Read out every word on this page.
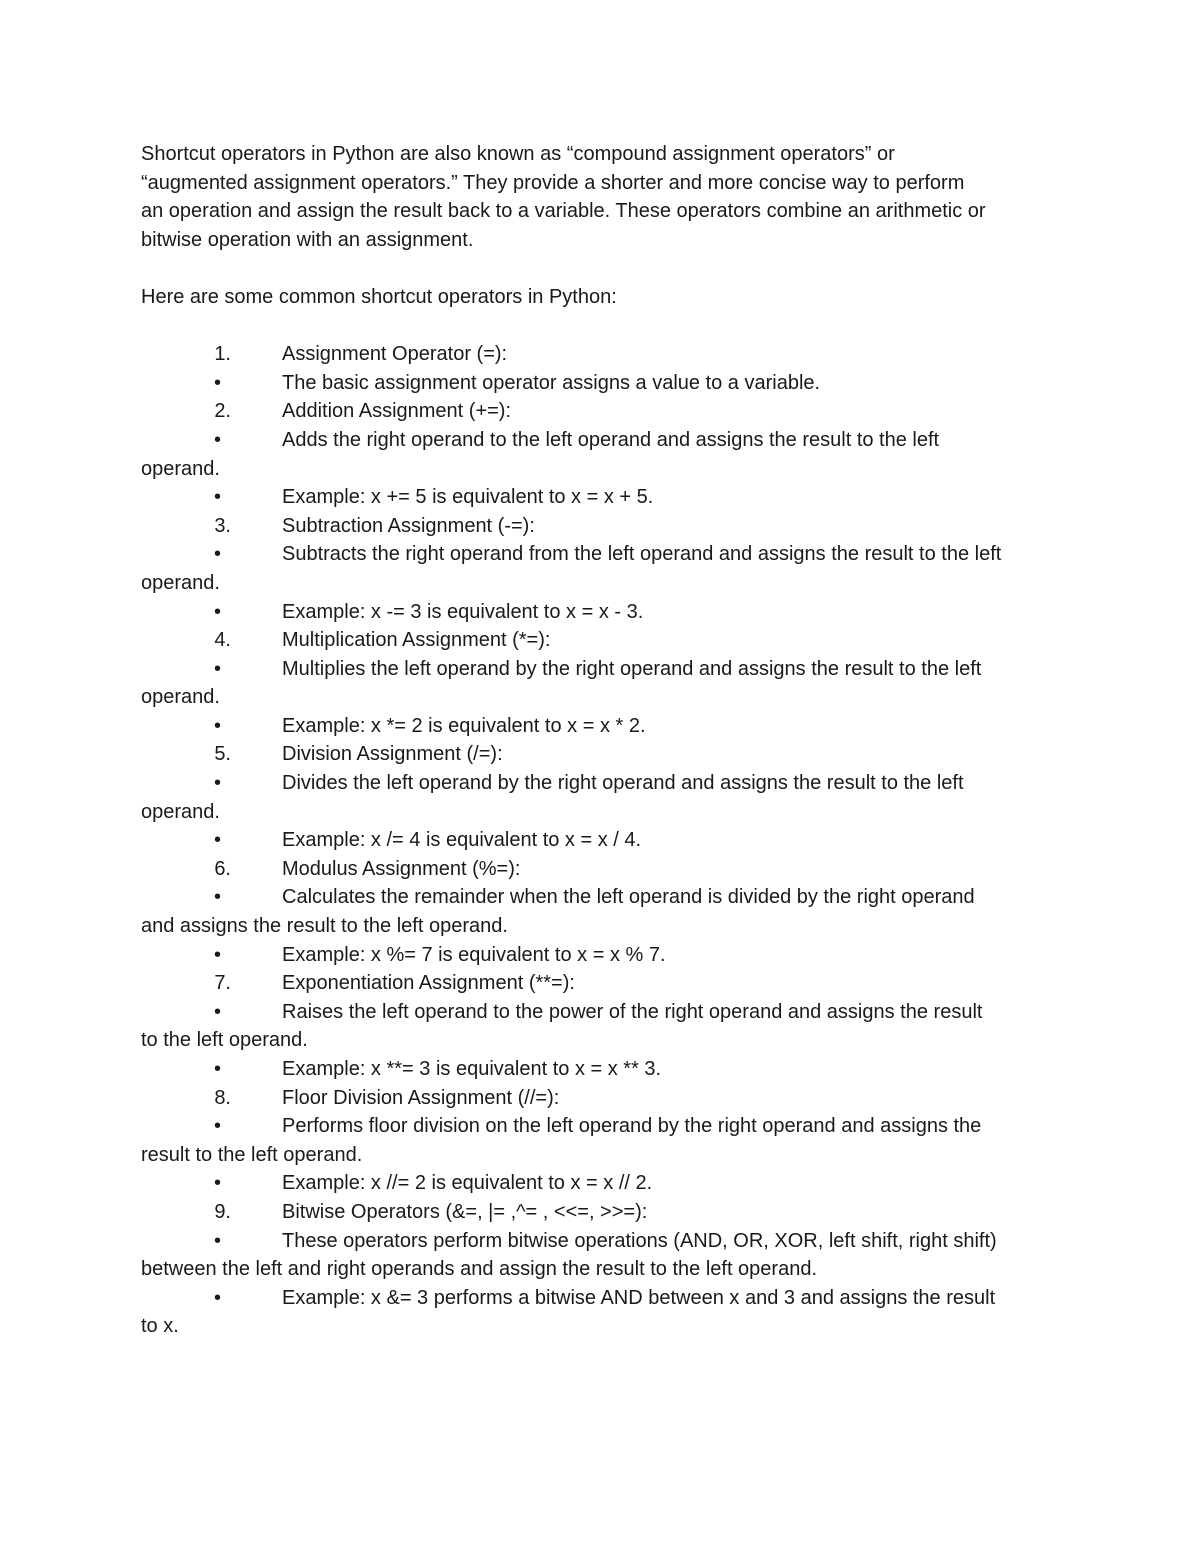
Shortcut operators in Python are also known as “compound assignment operators” or
“augmented assignment operators.” They provide a shorter and more concise way to perform
an operation and assign the result back to a variable. These operators combine an arithmetic or
bitwise operation with an assignment.

Here are some common shortcut operators in Python:

1.	Assignment Operator (=):
•	The basic assignment operator assigns a value to a variable.
2.	Addition Assignment (+=):
•	Adds the right operand to the left operand and assigns the result to the left
operand.
•	Example: x += 5 is equivalent to x = x + 5.
3.	Subtraction Assignment (-=):
•	Subtracts the right operand from the left operand and assigns the result to the left
operand.
•	Example: x -= 3 is equivalent to x = x - 3.
4.	Multiplication Assignment (*=):
•	Multiplies the left operand by the right operand and assigns the result to the left
operand.
•	Example: x *= 2 is equivalent to x = x * 2.
5.	Division Assignment (/=):
•	Divides the left operand by the right operand and assigns the result to the left
operand.
•	Example: x /= 4 is equivalent to x = x / 4.
6.	Modulus Assignment (%=):
•	Calculates the remainder when the left operand is divided by the right operand
and assigns the result to the left operand.
•	Example: x %= 7 is equivalent to x = x % 7.
7.	Exponentiation Assignment (**=):
•	Raises the left operand to the power of the right operand and assigns the result
to the left operand.
•	Example: x **= 3 is equivalent to x = x ** 3.
8.	Floor Division Assignment (//=):
•	Performs floor division on the left operand by the right operand and assigns the
result to the left operand.
•	Example: x //= 2 is equivalent to x = x // 2.
9.	Bitwise Operators (&=, |= ,^= , <<=, >>=):
•	These operators perform bitwise operations (AND, OR, XOR, left shift, right shift)
between the left and right operands and assign the result to the left operand.
•	Example: x &= 3 performs a bitwise AND between x and 3 and assigns the result
to x.
